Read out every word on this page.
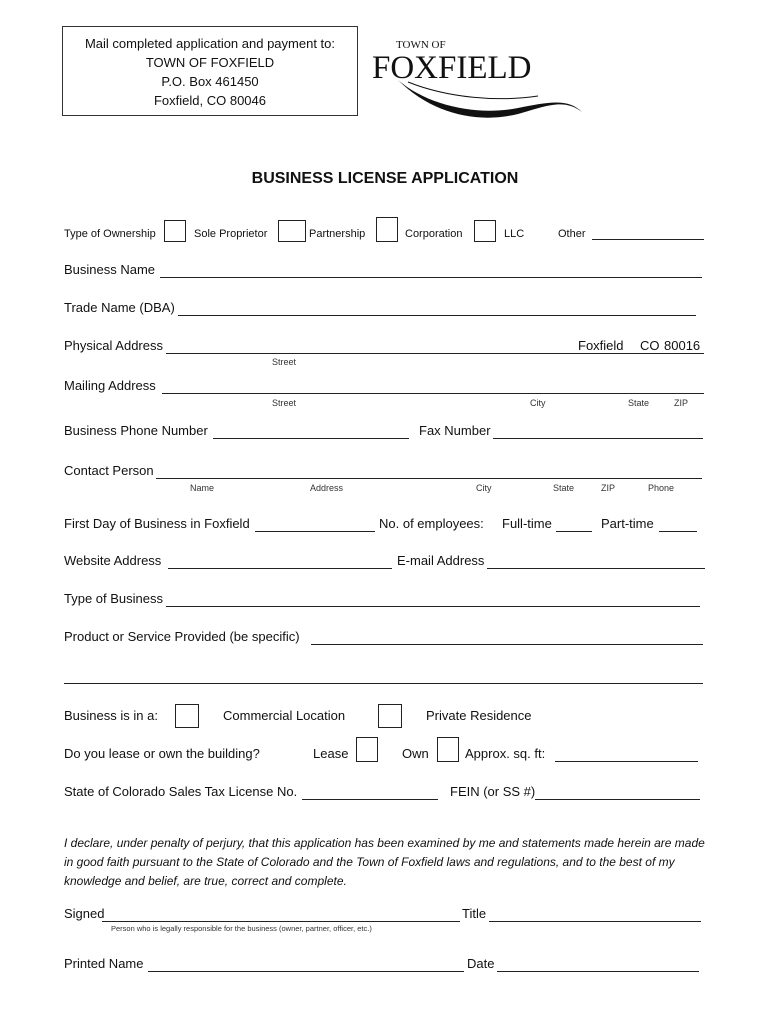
Mail completed application and payment to:
TOWN OF FOXFIELD
P.O. Box 461450
Foxfield, CO 80046
TOWN OF
FOXFIELD
BUSINESS LICENSE APPLICATION
Type of Ownership	Sole Proprietor	Partnership	Corporation	LLC	Other
Business Name
Trade Name (DBA)
Physical Address	Foxfield CO 80016
Street
Mailing Address
Street	City	State	ZIP
Business Phone Number	Fax Number
Contact Person
Name	Address	City	State	ZIP	Phone
First Day of Business in Foxfield	No. of employees: Full-time	Part-time
Website Address	E-mail Address
Type of Business
Product or Service Provided (be specific)
Business is in a:	Commercial Location	Private Residence
Do you lease or own the building?	Lease	Own	Approx. sq. ft:
State of Colorado Sales Tax License No.	FEIN (or SS #)
I declare, under penalty of perjury, that this application has been examined by me and statements made herein are made in good faith pursuant to the State of Colorado and the Town of Foxfield laws and regulations, and to the best of my knowledge and belief, are true, correct and complete.
Signed	Title
Person who is legally responsible for the business (owner, partner, officer, etc.)
Printed Name	Date
